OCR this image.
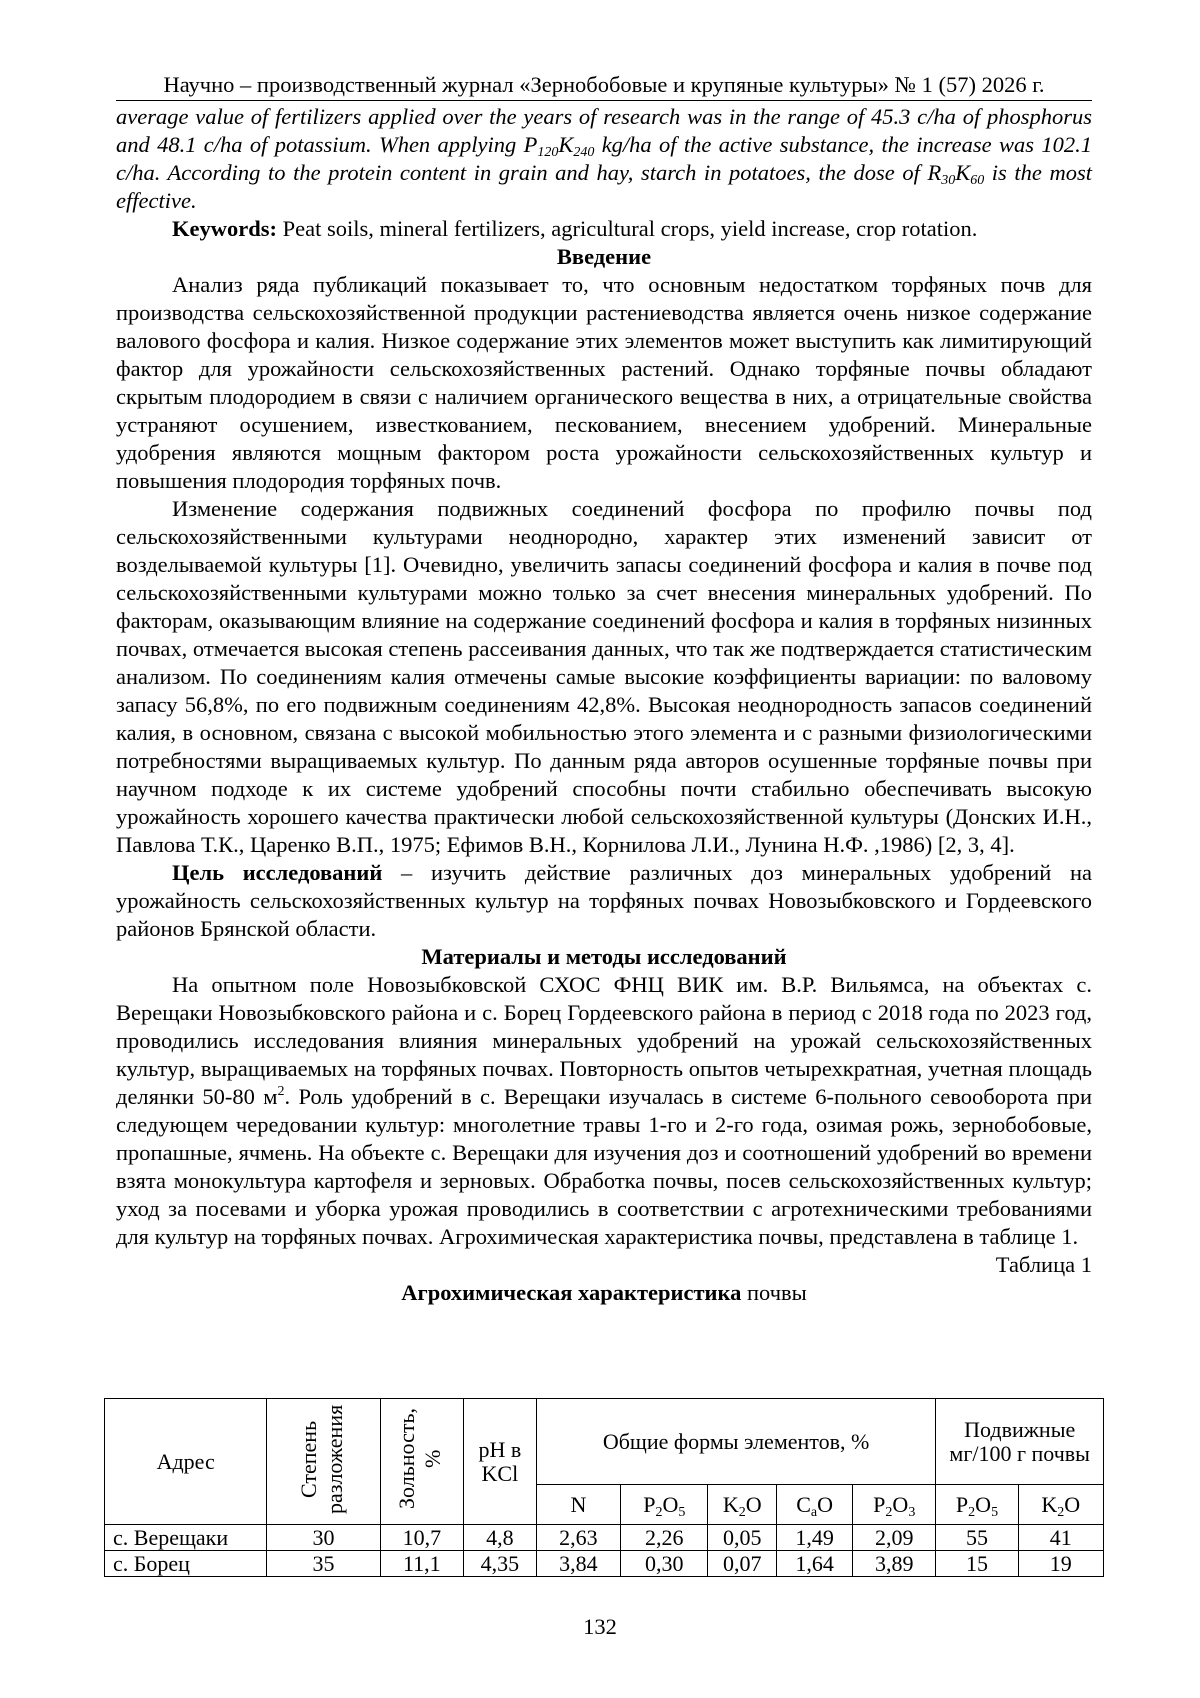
Научно – производственный журнал «Зернобобовые и крупяные культуры» № 1 (57) 2026 г.

average value of fertilizers applied over the years of research was in the range of 45.3 c/ha of phosphorus and 48.1 c/ha of potassium. When applying $P_{120}K_{240}$ kg/ha of the active substance, the increase was 102.1 c/ha. According to the protein content in grain and hay, starch in potatoes, the dose of $R_{30}K_{60}$ is the most effective.

Keywords: Peat soils, mineral fertilizers, agricultural crops, yield increase, crop rotation.

Введение

Анализ ряда публикаций показывает то, что основным недостатком торфяных почв для производства сельскохозяйственной продукции растениеводства является очень низкое содержание валового фосфора и калия. Низкое содержание этих элементов может выступить как лимитирующий фактор для урожайности сельскохозяйственных растений. Однако торфяные почвы обладают скрытым плодородием в связи с наличием органического вещества в них, а отрицательные свойства устраняют осушением, известкованием, пескованием, внесением удобрений. Минеральные удобрения являются мощным фактором роста урожайности сельскохозяйственных культур и повышения плодородия торфяных почв.

Изменение содержания подвижных соединений фосфора по профилю почвы под сельскохозяйственными культурами неоднородно, характер этих изменений зависит от возделываемой культуры [1]. Очевидно, увеличить запасы соединений фосфора и калия в почве под сельскохозяйственными культурами можно только за счет внесения минеральных удобрений. По факторам, оказывающим влияние на содержание соединений фосфора и калия в торфяных низинных почвах, отмечается высокая степень рассеивания данных, что так же подтверждается статистическим анализом. По соединениям калия отмечены самые высокие коэффициенты вариации: по валовому запасу 56,8%, по его подвижным соединениям 42,8%. Высокая неоднородность запасов соединений калия, в основном, связана с высокой мобильностью этого элемента и с разными физиологическими потребностями выращиваемых культур. По данным ряда авторов осушенные торфяные почвы при научном подходе к их системе удобрений способны почти стабильно обеспечивать высокую урожайность хорошего качества практически любой сельскохозяйственной культуры (Донских И.Н., Павлова Т.К., Царенко В.П., 1975; Ефимов В.Н., Корнилова Л.И., Лунина Н.Ф. ,1986) [2, 3, 4].

Цель исследований – изучить действие различных доз минеральных удобрений на урожайность сельскохозяйственных культур на торфяных почвах Новозыбковского и Гордеевского районов Брянской области.

Материалы и методы исследований

На опытном поле Новозыбковской СХОС ФНЦ ВИК им. В.Р. Вильямса, на объектах с. Верещаки Новозыбковского района и с. Борец Гордеевского района в период с 2018 года по 2023 год, проводились исследования влияния минеральных удобрений на урожай сельскохозяйственных культур, выращиваемых на торфяных почвах. Повторность опытов четырехкратная, учетная площадь делянки 50-80 $м^2$. Роль удобрений в с. Верещаки изучалась в системе 6-польного севооборота при следующем чередовании культур: многолетние травы 1-го и 2-го года, озимая рожь, зернобобовые, пропашные, ячмень. На объекте с. Верещаки для изучения доз и соотношений удобрений во времени взята монокультура картофеля и зерновых. Обработка почвы, посев сельскохозяйственных культур; уход за посевами и уборка урожая проводились в соответствии с агротехническими требованиями для культур на торфяных почвах. Агрохимическая характеристика почвы, представлена в таблице 1.

Таблица 1

Агрохимическая характеристика почвы

Адрес	Степень разложения	Зольность, %	pH в KCl	Общие формы элементов, %					Подвижные мг/100 г почвы	
				N	$P_2O_5$	$K_2O$	$C_aO$	$P_2O_3$	$P_2O_5$	$K_2O$
с. Верещаки	30	10,7	4,8	2,63	2,26	0,05	1,49	2,09	55	41
с. Борец	35	11,1	4,35	3,84	0,30	0,07	1,64	3,89	15	19
132
